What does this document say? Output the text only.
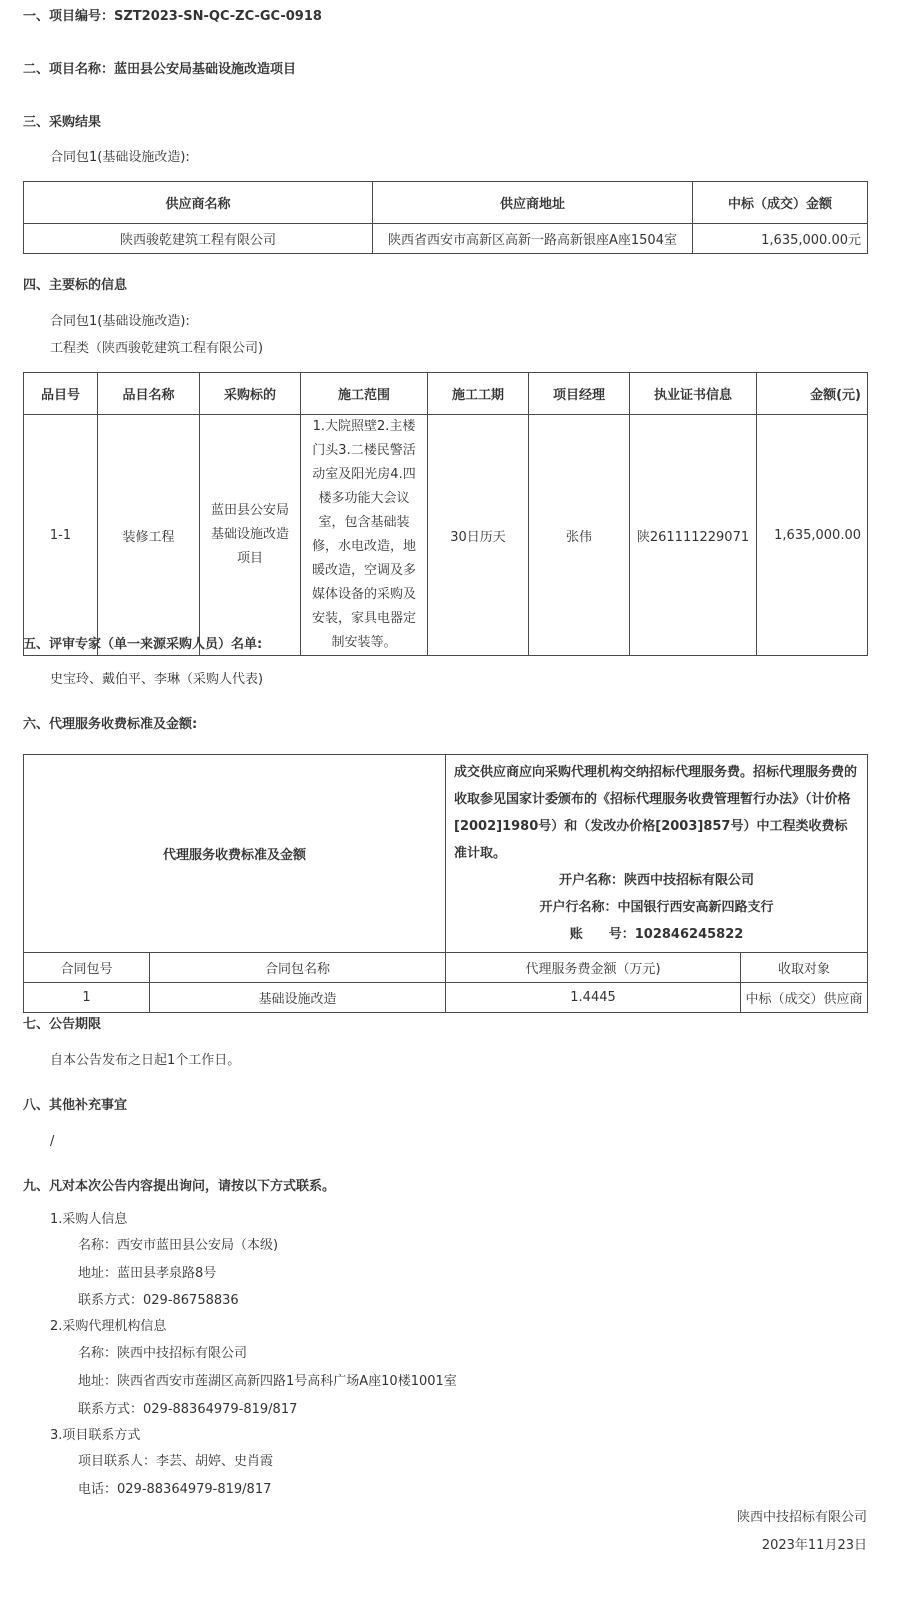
一、项目编号：SZT2023-SN-QC-ZC-GC-0918
二、项目名称：蓝田县公安局基础设施改造项目
三、采购结果
合同包1(基础设施改造):
供应商名称	供应商地址	中标（成交）金额
陕西骏乾建筑工程有限公司	陕西省西安市高新区高新一路高新银座A座1504室	1,635,000.00元
四、主要标的信息
合同包1(基础设施改造):
工程类（陕西骏乾建筑工程有限公司)
品目号	品目名称	采购标的	施工范围	施工工期	项目经理	执业证书信息	金额(元)
1-1	装修工程	蓝田县公安局基础设施改造项目	1.大院照壁2.主楼门头3.二楼民警活动室及阳光房4.四楼多功能大会议室，包含基础装修，水电改造，地暖改造，空调及多媒体设备的采购及安装，家具电器定制安装等。	30日历天	张伟	陕261111229071	1,635,000.00
五、评审专家（单一来源采购人员）名单:
史宝玲、戴伯平、李琳（采购人代表)
六、代理服务收费标准及金额:
代理服务收费标准及金额		成交供应商应向采购代理机构交纳招标代理服务费。招标代理服务费的收取参见国家计委颁布的《招标代理服务收费管理暂行办法》（计价格[2002]1980号）和（发改办价格[2003]857号）中工程类收费标准计取。
开户名称：陕西中技招标有限公司
开户行名称：中国银行西安高新四路支行
账　　号：102846245822	

合同包号	合同包名称	代理服务费金额（万元)	收取对象
1	基础设施改造	1.4445	中标（成交）供应商
七、公告期限
自本公告发布之日起1个工作日。
八、其他补充事宜
/
九、凡对本次公告内容提出询问，请按以下方式联系。
1.采购人信息
名称：西安市蓝田县公安局（本级)
地址：蓝田县孝泉路8号
联系方式：029-86758836
2.采购代理机构信息
名称：陕西中技招标有限公司
地址：陕西省西安市莲湖区高新四路1号高科广场A座10楼1001室
联系方式：029-88364979-819/817
3.项目联系方式
项目联系人：李芸、胡婷、史肖霞
电话：029-88364979-819/817
陕西中技招标有限公司
2023年11月23日
